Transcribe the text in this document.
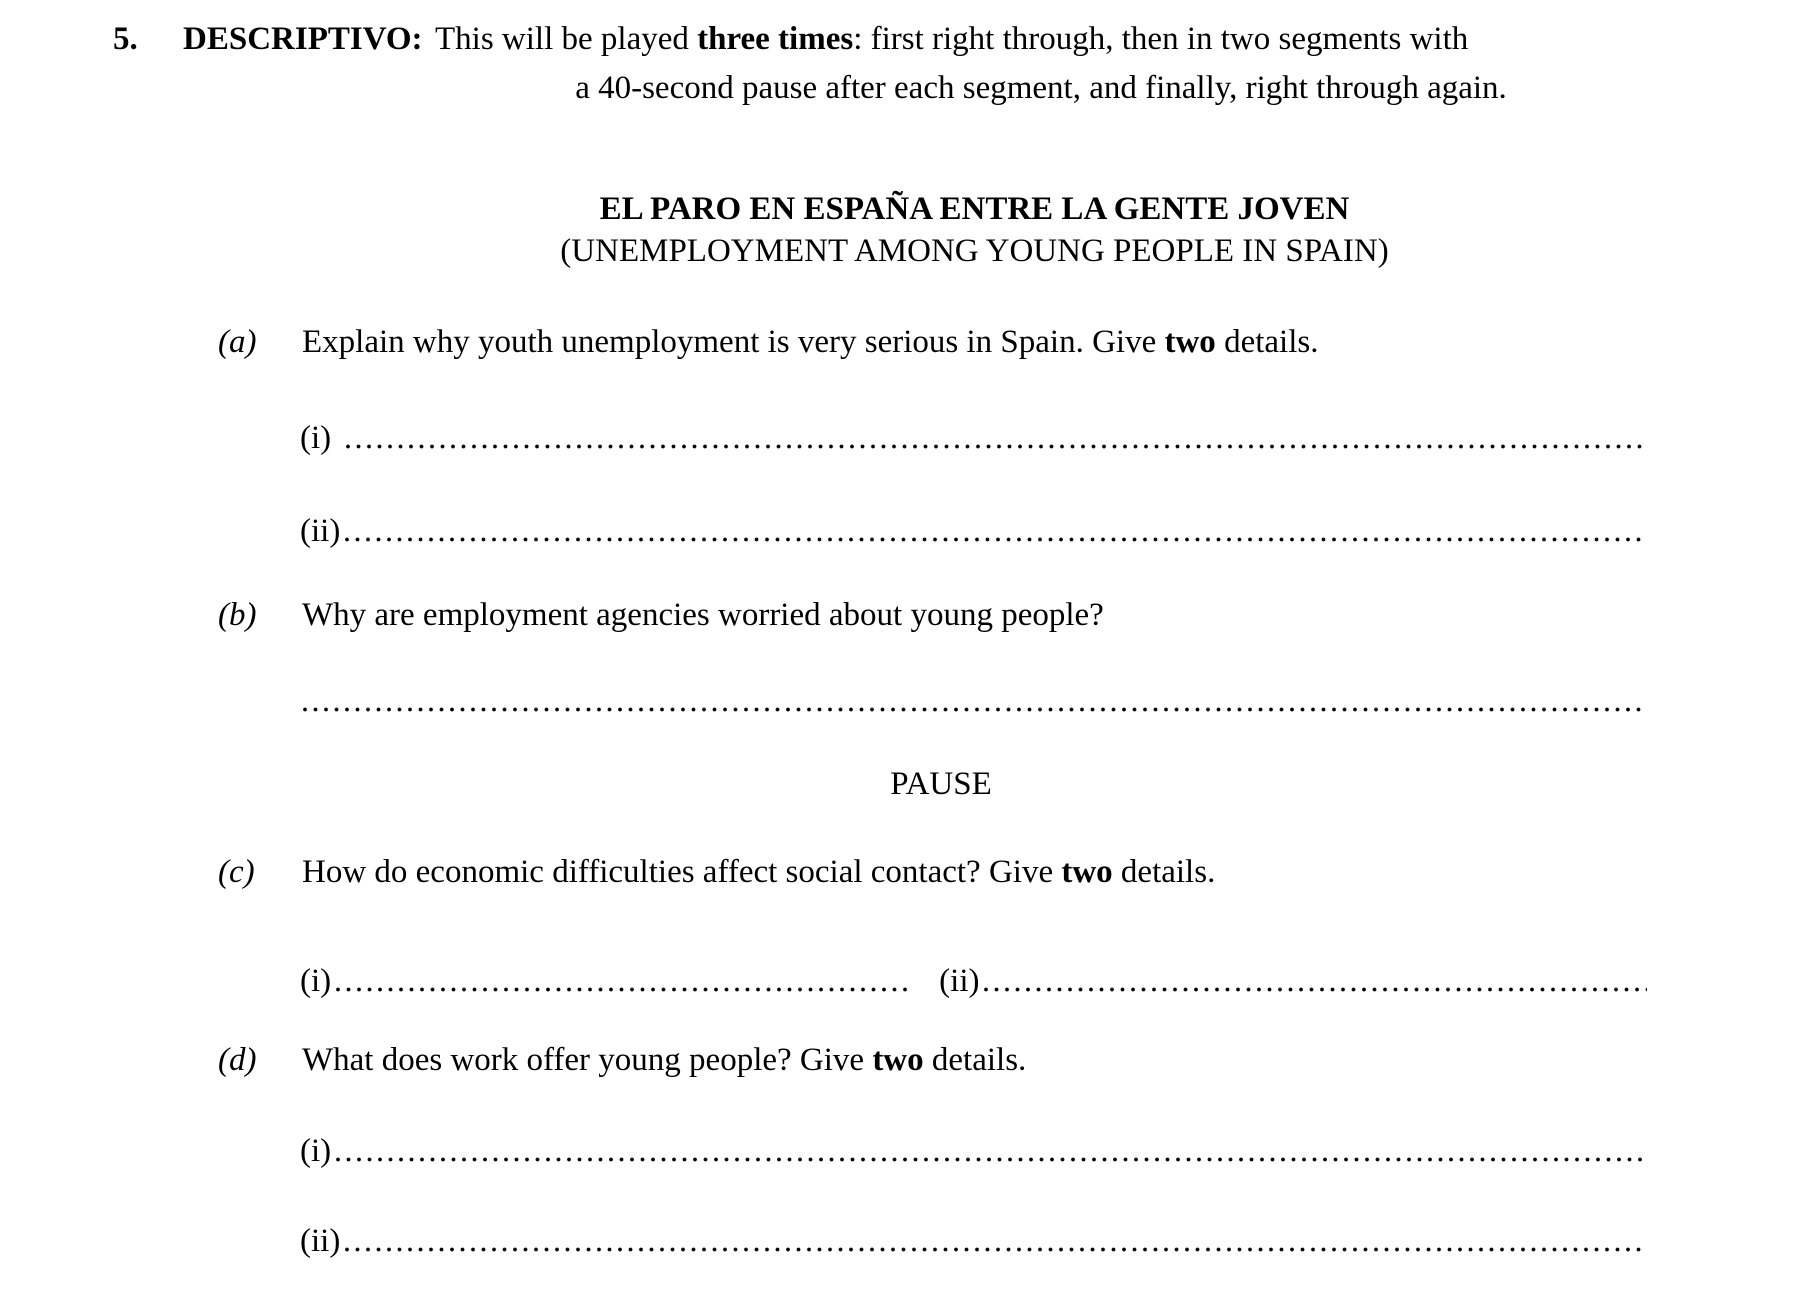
5. DESCRIPTIVO: This will be played three times: first right through, then in two segments with
a 40-second pause after each segment, and finally, right through again.
EL PARO EN ESPAÑA ENTRE LA GENTE JOVEN
(UNEMPLOYMENT AMONG YOUNG PEOPLE IN SPAIN)
(a) Explain why youth unemployment is very serious in Spain. Give two details.
(i)
(ii)
(b) Why are employment agencies worried about young people?
PAUSE
(c) How do economic difficulties affect social contact? Give two details.
(i)	(ii)
(d) What does work offer young people? Give two details.
(i)
(ii)
